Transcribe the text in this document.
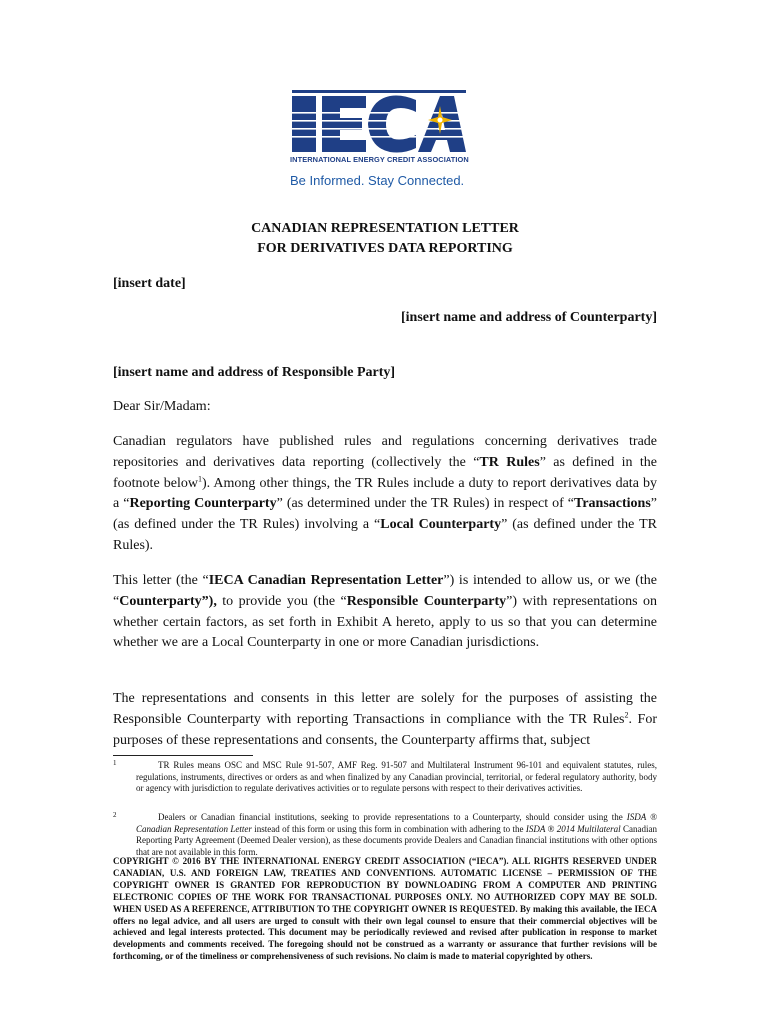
INTERNATIONAL ENERGY CREDIT ASSOCIATION
Be Informed. Stay Connected.
CANADIAN REPRESENTATION LETTER
FOR DERIVATIVES DATA REPORTING
[insert date]
[insert name and address of Counterparty]
[insert name and address of Responsible Party]
Dear Sir/Madam:

Canadian regulators have published rules and regulations concerning derivatives trade repositories and derivatives data reporting (collectively the “TR Rules” as defined in the footnote below$^1$). Among other things, the TR Rules include a duty to report derivatives data by a “Reporting Counterparty” (as determined under the TR Rules) in respect of “Transactions” (as defined under the TR Rules) involving a “Local Counterparty” (as defined under the TR Rules).

This letter (the “IECA Canadian Representation Letter”) is intended to allow us, or we (the “Counterparty”), to provide you (the “Responsible Counterparty”) with representations on whether certain factors, as set forth in Exhibit A hereto, apply to us so that you can determine whether we are a Local Counterparty in one or more Canadian jurisdictions.

The representations and consents in this letter are solely for the purposes of assisting the Responsible Counterparty with reporting Transactions in compliance with the TR Rules$^2$. For purposes of these representations and consents, the Counterparty affirms that, subject

1	TR Rules means OSC and MSC Rule 91-507, AMF Reg. 91-507 and Multilateral Instrument 96-101 and equivalent statutes, rules, regulations, instruments, directives or orders as and when finalized by any Canadian provincial, territorial, or federal regulatory authority, body or agency with jurisdiction to regulate derivatives activities or to regulate persons with respect to their derivatives activities.
2	Dealers or Canadian financial institutions, seeking to provide representations to a Counterparty, should consider using the ISDA ® Canadian Representation Letter instead of this form or using this form in combination with adhering to the ISDA ® 2014 Multilateral Canadian Reporting Party Agreement (Deemed Dealer version), as these documents provide Dealers and Canadian financial institutions with other options that are not available in this form.
COPYRIGHT © 2016 BY THE INTERNATIONAL ENERGY CREDIT ASSOCIATION (“IECA”). ALL RIGHTS RESERVED UNDER CANADIAN, U.S. AND FOREIGN LAW, TREATIES AND CONVENTIONS. AUTOMATIC LICENSE – PERMISSION OF THE COPYRIGHT OWNER IS GRANTED FOR REPRODUCTION BY DOWNLOADING FROM A COMPUTER AND PRINTING ELECTRONIC COPIES OF THE WORK FOR TRANSACTIONAL PURPOSES ONLY. NO AUTHORIZED COPY MAY BE SOLD. WHEN USED AS A REFERENCE, ATTRIBUTION TO THE COPYRIGHT OWNER IS REQUESTED. By making this available, the IECA offers no legal advice, and all users are urged to consult with their own legal counsel to ensure that their commercial objectives will be achieved and legal interests protected. This document may be periodically reviewed and revised after publication in response to market developments and comments received. The foregoing should not be construed as a warranty or assurance that further revisions will be forthcoming, or of the timeliness or comprehensiveness of such revisions. No claim is made to material copyrighted by others.
